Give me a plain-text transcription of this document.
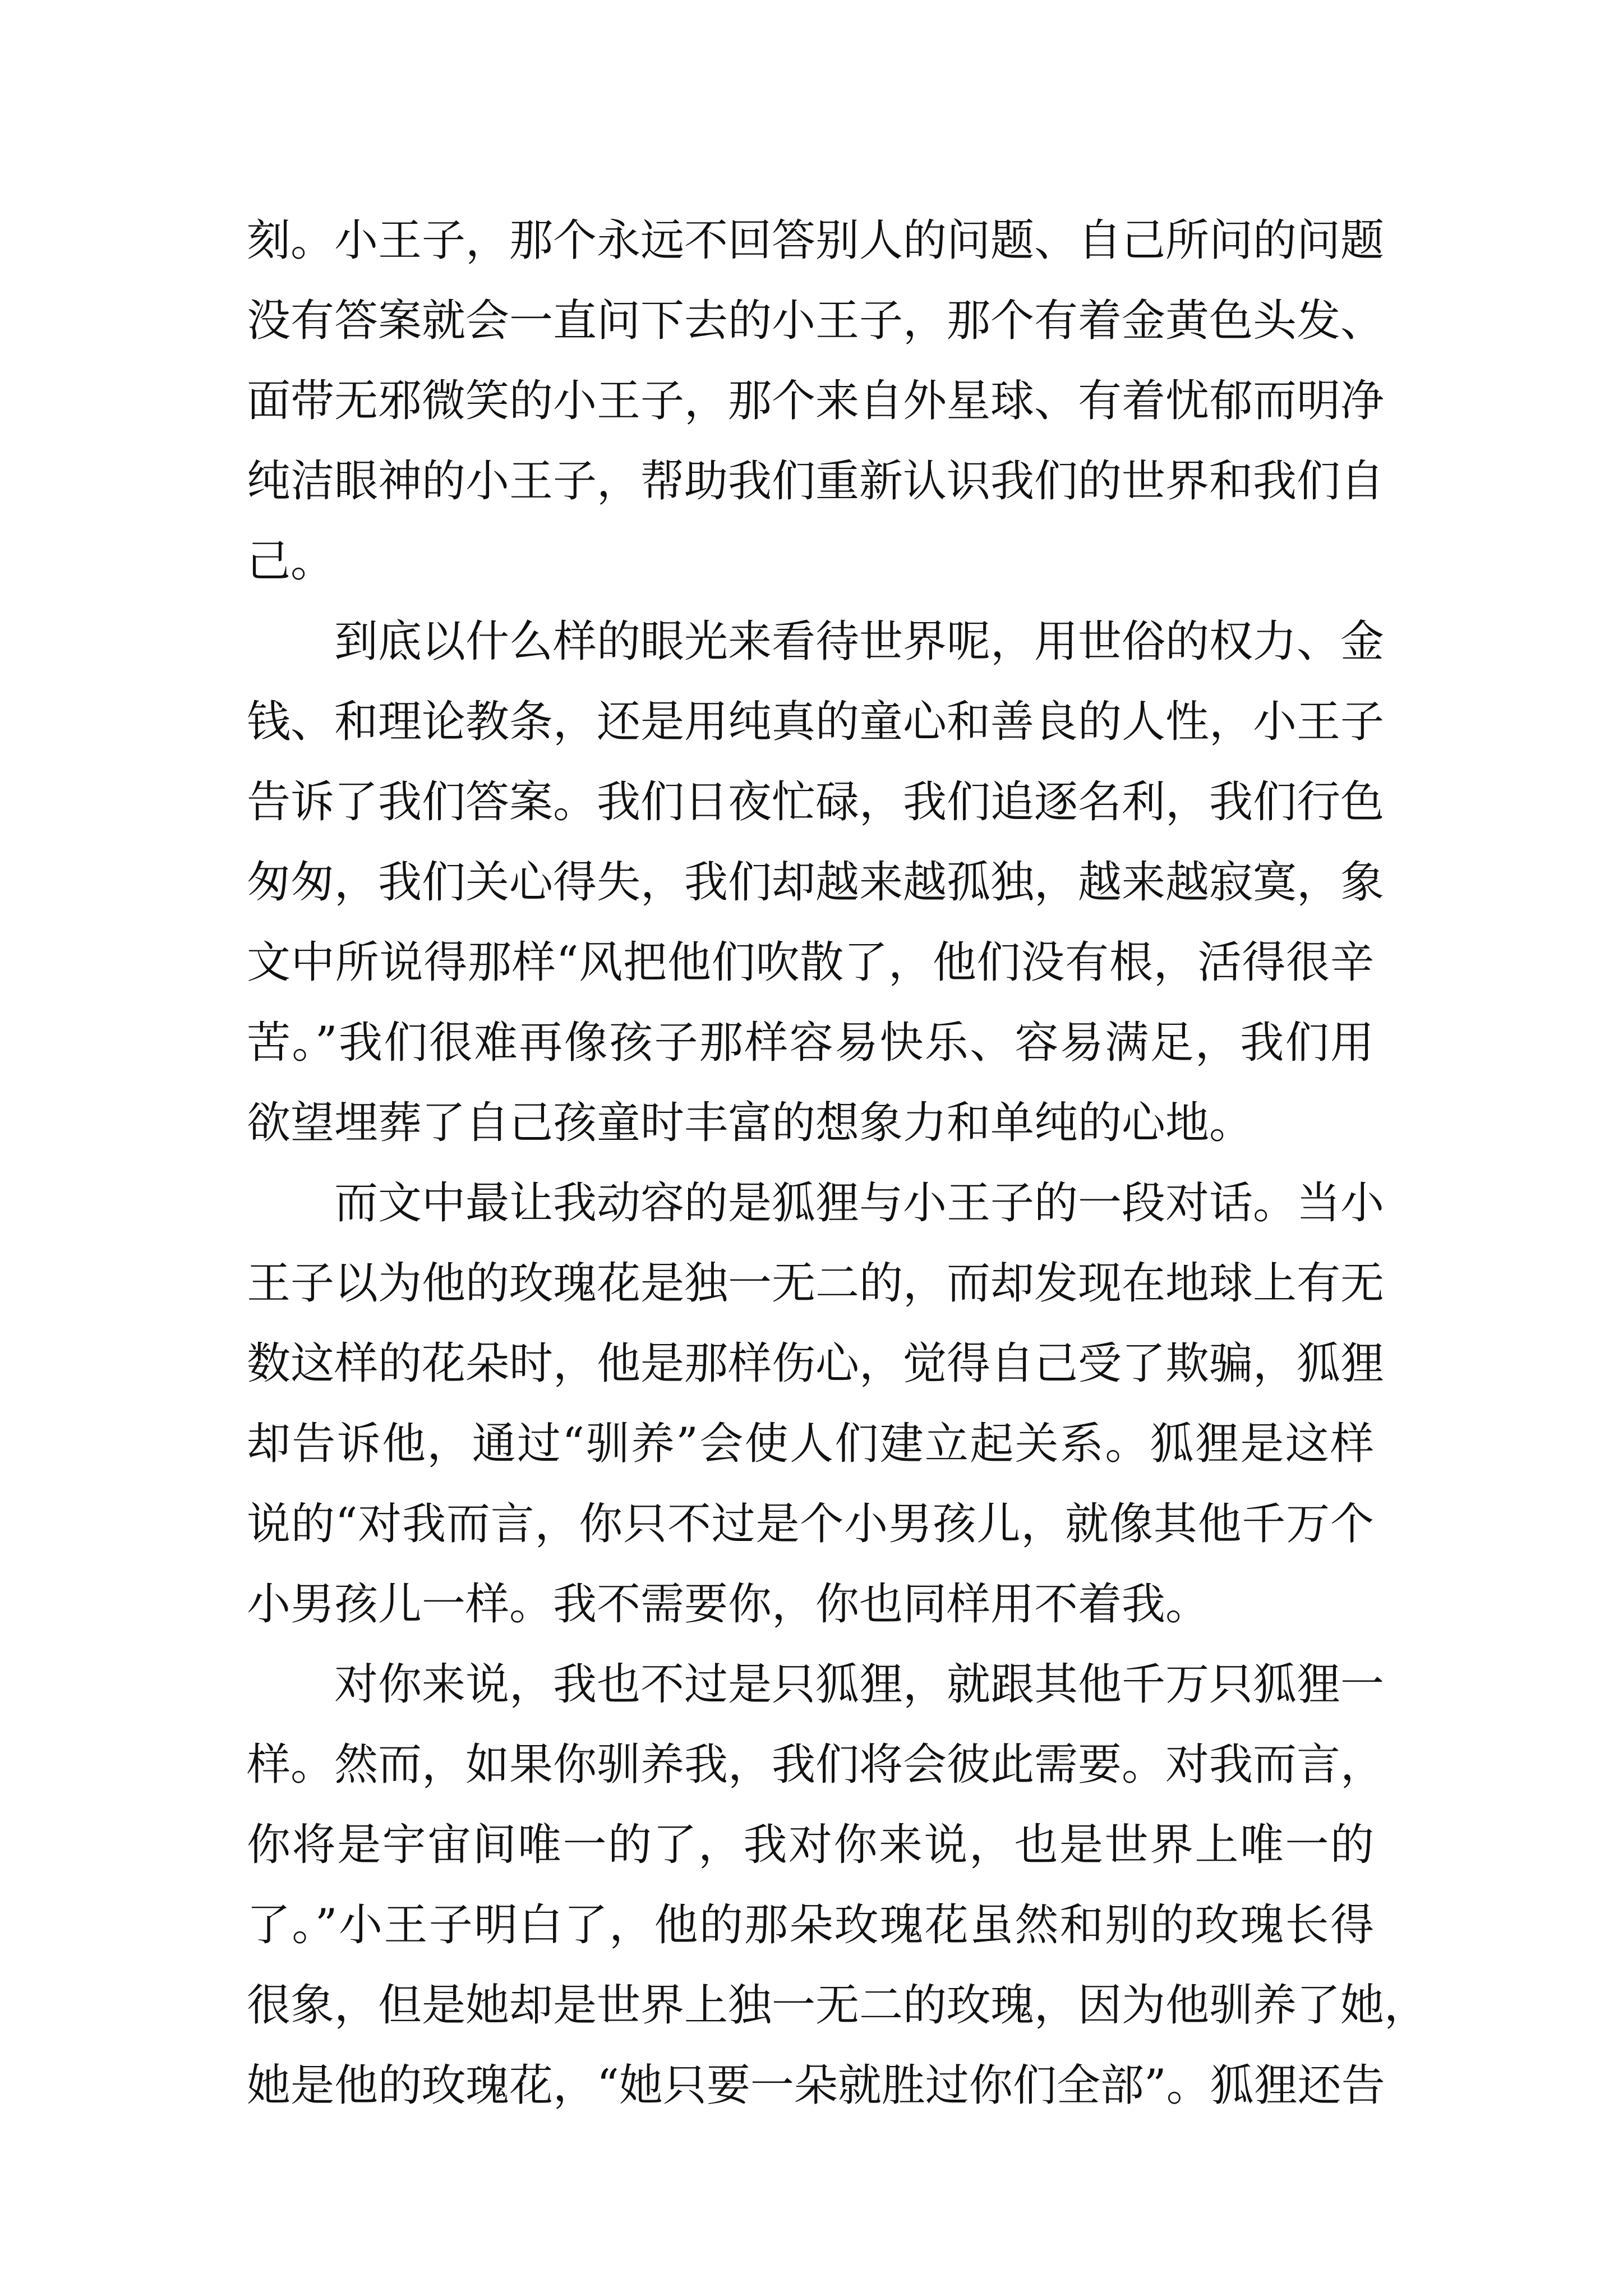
刻。小王子，那个永远不回答别人的问题、自己所问的问题
没有答案就会一直问下去的小王子，那个有着金黄色头发、
面带无邪微笑的小王子，那个来自外星球、有着忧郁而明净
纯洁眼神的小王子，帮助我们重新认识我们的世界和我们自
己。
到底以什么样的眼光来看待世界呢，用世俗的权力、金
钱、和理论教条，还是用纯真的童心和善良的人性，小王子
告诉了我们答案。我们日夜忙碌，我们追逐名利，我们行色
匆匆，我们关心得失，我们却越来越孤独，越来越寂寞，象
文中所说得那样“风把他们吹散了，他们没有根，活得很辛
苦。”我们很难再像孩子那样容易快乐、容易满足，我们用
欲望埋葬了自己孩童时丰富的想象力和单纯的心地。
而文中最让我动容的是狐狸与小王子的一段对话。当小
王子以为他的玫瑰花是独一无二的，而却发现在地球上有无
数这样的花朵时，他是那样伤心，觉得自己受了欺骗，狐狸
却告诉他，通过“驯养”会使人们建立起关系。狐狸是这样
说的“对我而言，你只不过是个小男孩儿，就像其他千万个
小男孩儿一样。我不需要你，你也同样用不着我。
对你来说，我也不过是只狐狸，就跟其他千万只狐狸一
样。然而，如果你驯养我，我们将会彼此需要。对我而言，
你将是宇宙间唯一的了，我对你来说，也是世界上唯一的
了。”小王子明白了，他的那朵玫瑰花虽然和别的玫瑰长得
很象，但是她却是世界上独一无二的玫瑰，因为他驯养了她，
她是他的玫瑰花，“她只要一朵就胜过你们全部”。狐狸还告
